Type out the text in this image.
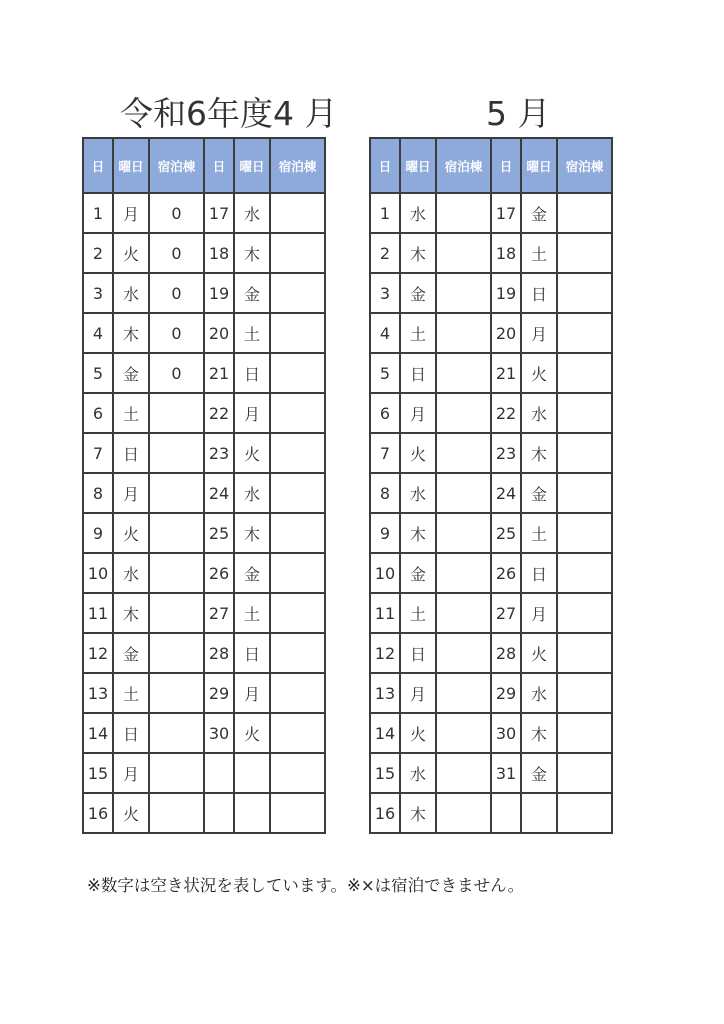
令和6年度4 月	5 月
日	曜日	宿泊棟	日	曜日	宿泊棟
1	月	0	17	水	
2	火	0	18	木	
3	水	0	19	金	
4	木	0	20	土	
5	金	0	21	日	
6	土		22	月	
7	日		23	火	
8	月		24	水	
9	火		25	木	
10	水		26	金	
11	木		27	土	
12	金		28	日	
13	土		29	月	
14	日		30	火	
15	月				
16	火				
日	曜日	宿泊棟	日	曜日	宿泊棟
1	水		17	金	
2	木		18	土	
3	金		19	日	
4	土		20	月	
5	日		21	火	
6	月		22	水	
7	火		23	木	
8	水		24	金	
9	木		25	土	
10	金		26	日	
11	土		27	月	
12	日		28	火	
13	月		29	水	
14	火		30	木	
15	水		31	金	
16	木				
※数字は空き状況を表しています。※×は宿泊できません。
